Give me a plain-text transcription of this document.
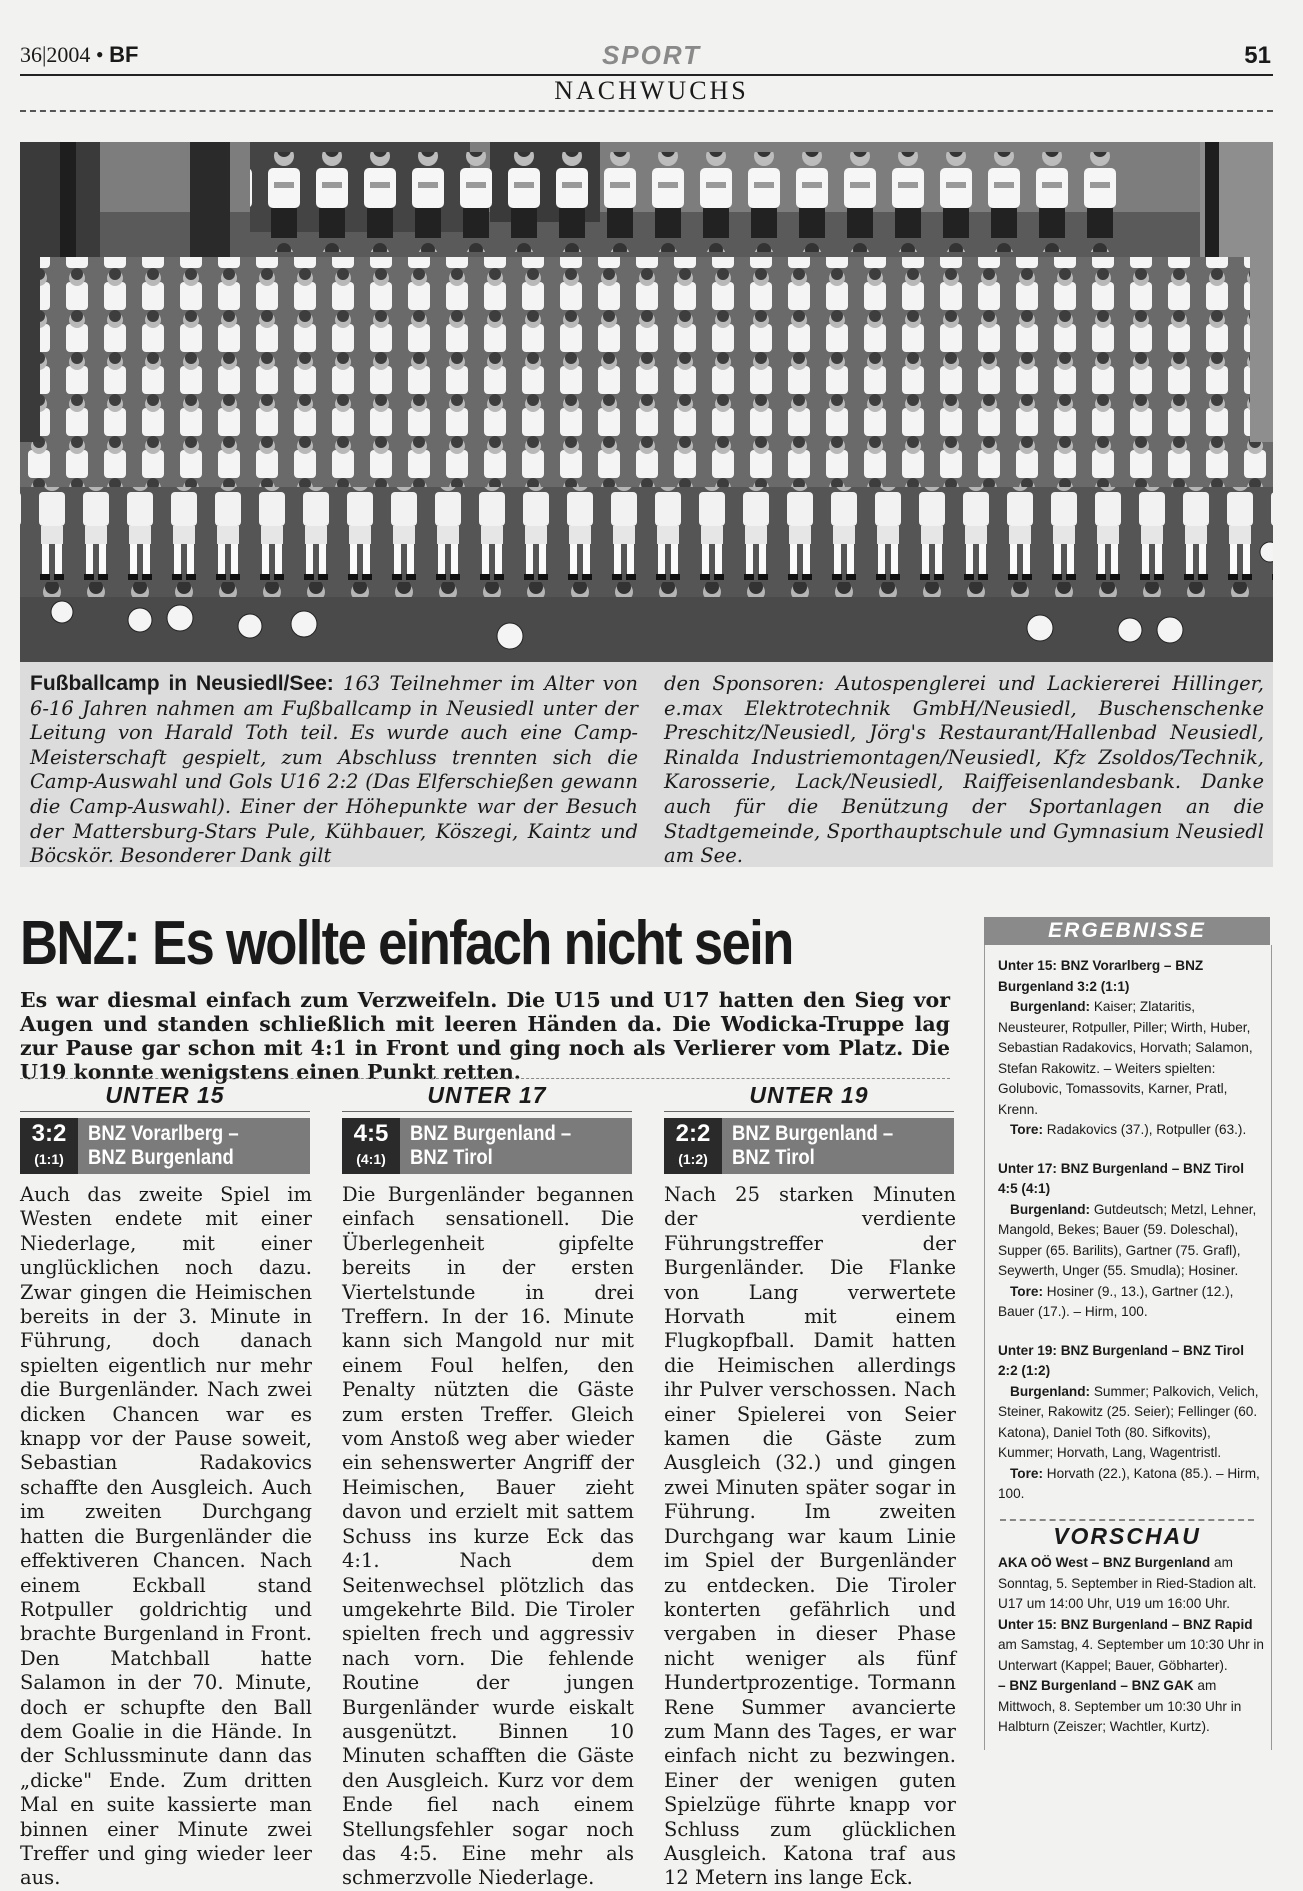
36|2004 • BF	SPORT	51
NACHWUCHS
Fußballcamp in Neusiedl/See: 163 Teilnehmer im Alter von 6-16 Jahren nahmen am Fußballcamp in Neusiedl unter der Leitung von Harald Toth teil. Es wurde auch eine Camp-Meisterschaft gespielt, zum Abschluss trennten sich die Camp-Auswahl und Gols U16 2:2 (Das Elferschießen gewann die Camp-Auswahl). Einer der Höhepunkte war der Besuch der Mattersburg-Stars Pule, Kühbauer, Köszegi, Kaintz und Böcskör. Besonderer Dank gilt
den Sponsoren: Autospenglerei und Lackiererei Hillinger, e.max Elektrotechnik GmbH/Neusiedl, Buschenschenke Preschitz/Neusiedl, Jörg's Restaurant/Hallenbad Neusiedl, Rinalda Industriemontagen/Neusiedl, Kfz Zsoldos/Technik, Karosserie, Lack/Neusiedl, Raiffeisenlandesbank. Danke auch für die Benützung der Sportanlagen an die Stadtgemeinde, Sporthauptschule und Gymnasium Neusiedl am See.
BNZ: Es wollte einfach nicht sein
Es war diesmal einfach zum Verzweifeln. Die U15 und U17 hatten den Sieg vor Augen und standen schließlich mit leeren Händen da. Die Wodicka-Truppe lag zur Pause gar schon mit 4:1 in Front und ging noch als Verlierer vom Platz. Die U19 konnte wenigstens einen Punkt retten.
UNTER 15
3:2
(1:1)
BNZ Vorarlberg –
BNZ Burgenland
Auch das zweite Spiel im Westen endete mit einer Niederlage, mit einer unglücklichen noch dazu. Zwar gingen die Heimischen bereits in der 3. Minute in Führung, doch danach spielten eigentlich nur mehr die Burgenländer. Nach zwei dicken Chancen war es knapp vor der Pause soweit, Sebastian Radakovics schaffte den Ausgleich. Auch im zweiten Durchgang hatten die Burgenländer die effektiveren Chancen. Nach einem Eckball stand Rotpuller goldrichtig und brachte Burgenland in Front. Den Matchball hatte Salamon in der 70. Minute, doch er schupfte den Ball dem Goalie in die Hände. In der Schlussminute dann das „dicke" Ende. Zum dritten Mal en suite kassierte man binnen einer Minute zwei Treffer und ging wieder leer aus.
UNTER 17
4:5
(4:1)
BNZ Burgenland –
BNZ Tirol
Die Burgenländer begannen einfach sensationell. Die Überlegenheit gipfelte bereits in der ersten Viertelstunde in drei Treffern. In der 16. Minute kann sich Mangold nur mit einem Foul helfen, den Penalty nützten die Gäste zum ersten Treffer. Gleich vom Anstoß weg aber wieder ein sehenswerter Angriff der Heimischen, Bauer zieht davon und erzielt mit sattem Schuss ins kurze Eck das 4:1. Nach dem Seitenwechsel plötzlich das umgekehrte Bild. Die Tiroler spielten frech und aggressiv nach vorn. Die fehlende Routine der jungen Burgenländer wurde eiskalt ausgenützt. Binnen 10 Minuten schafften die Gäste den Ausgleich. Kurz vor dem Ende fiel nach einem Stellungsfehler sogar noch das 4:5. Eine mehr als schmerzvolle Niederlage.
UNTER 19
2:2
(1:2)
BNZ Burgenland –
BNZ Tirol
Nach 25 starken Minuten der verdiente Führungstreffer der Burgenländer. Die Flanke von Lang verwertete Horvath mit einem Flugkopfball. Damit hatten die Heimischen allerdings ihr Pulver verschossen. Nach einer Spielerei von Seier kamen die Gäste zum Ausgleich (32.) und gingen zwei Minuten später sogar in Führung. Im zweiten Durchgang war kaum Linie im Spiel der Burgenländer zu entdecken. Die Tiroler konterten gefährlich und vergaben in dieser Phase nicht weniger als fünf Hundertprozentige. Tormann Rene Summer avancierte zum Mann des Tages, er war einfach nicht zu bezwingen. Einer der wenigen guten Spielzüge führte knapp vor Schluss zum glücklichen Ausgleich. Katona traf aus 12 Metern ins lange Eck.
ERGEBNISSE

Unter 15: BNZ Vorarlberg – BNZ Burgenland 3:2 (1:1)
Burgenland: Kaiser; Zlataritis, Neusteurer, Rotpuller, Piller; Wirth, Huber, Sebastian Radakovics, Horvath; Salamon, Stefan Rakowitz. – Weiters spielten: Golubovic, Tomassovits, Karner, Pratl, Krenn.
Tore: Radakovics (37.), Rotpuller (63.).

Unter 17: BNZ Burgenland – BNZ Tirol 4:5 (4:1)
Burgenland: Gutdeutsch; Metzl, Lehner, Mangold, Bekes; Bauer (59. Doleschal), Supper (65. Barilits), Gartner (75. Grafl), Seywerth, Unger (55. Smudla); Hosiner.
Tore: Hosiner (9., 13.), Gartner (12.), Bauer (17.). – Hirm, 100.

Unter 19: BNZ Burgenland – BNZ Tirol 2:2 (1:2)
Burgenland: Summer; Palkovich, Velich, Steiner, Rakowitz (25. Seier); Fellinger (60. Katona), Daniel Toth (80. Sifkovits), Kummer; Horvath, Lang, Wagentristl.
Tore: Horvath (22.), Katona (85.). – Hirm, 100.

VORSCHAU

AKA OÖ West – BNZ Burgenland am Sonntag, 5. September in Ried-Stadion alt. U17 um 14:00 Uhr, U19 um 16:00 Uhr.

Unter 15: BNZ Burgenland – BNZ Rapid am Samstag, 4. September um 10:30 Uhr in Unterwart (Kappel; Bauer, Göbharter).

– BNZ Burgenland – BNZ GAK am Mittwoch, 8. September um 10:30 Uhr in Halbturn (Zeiszer; Wachtler, Kurtz).
